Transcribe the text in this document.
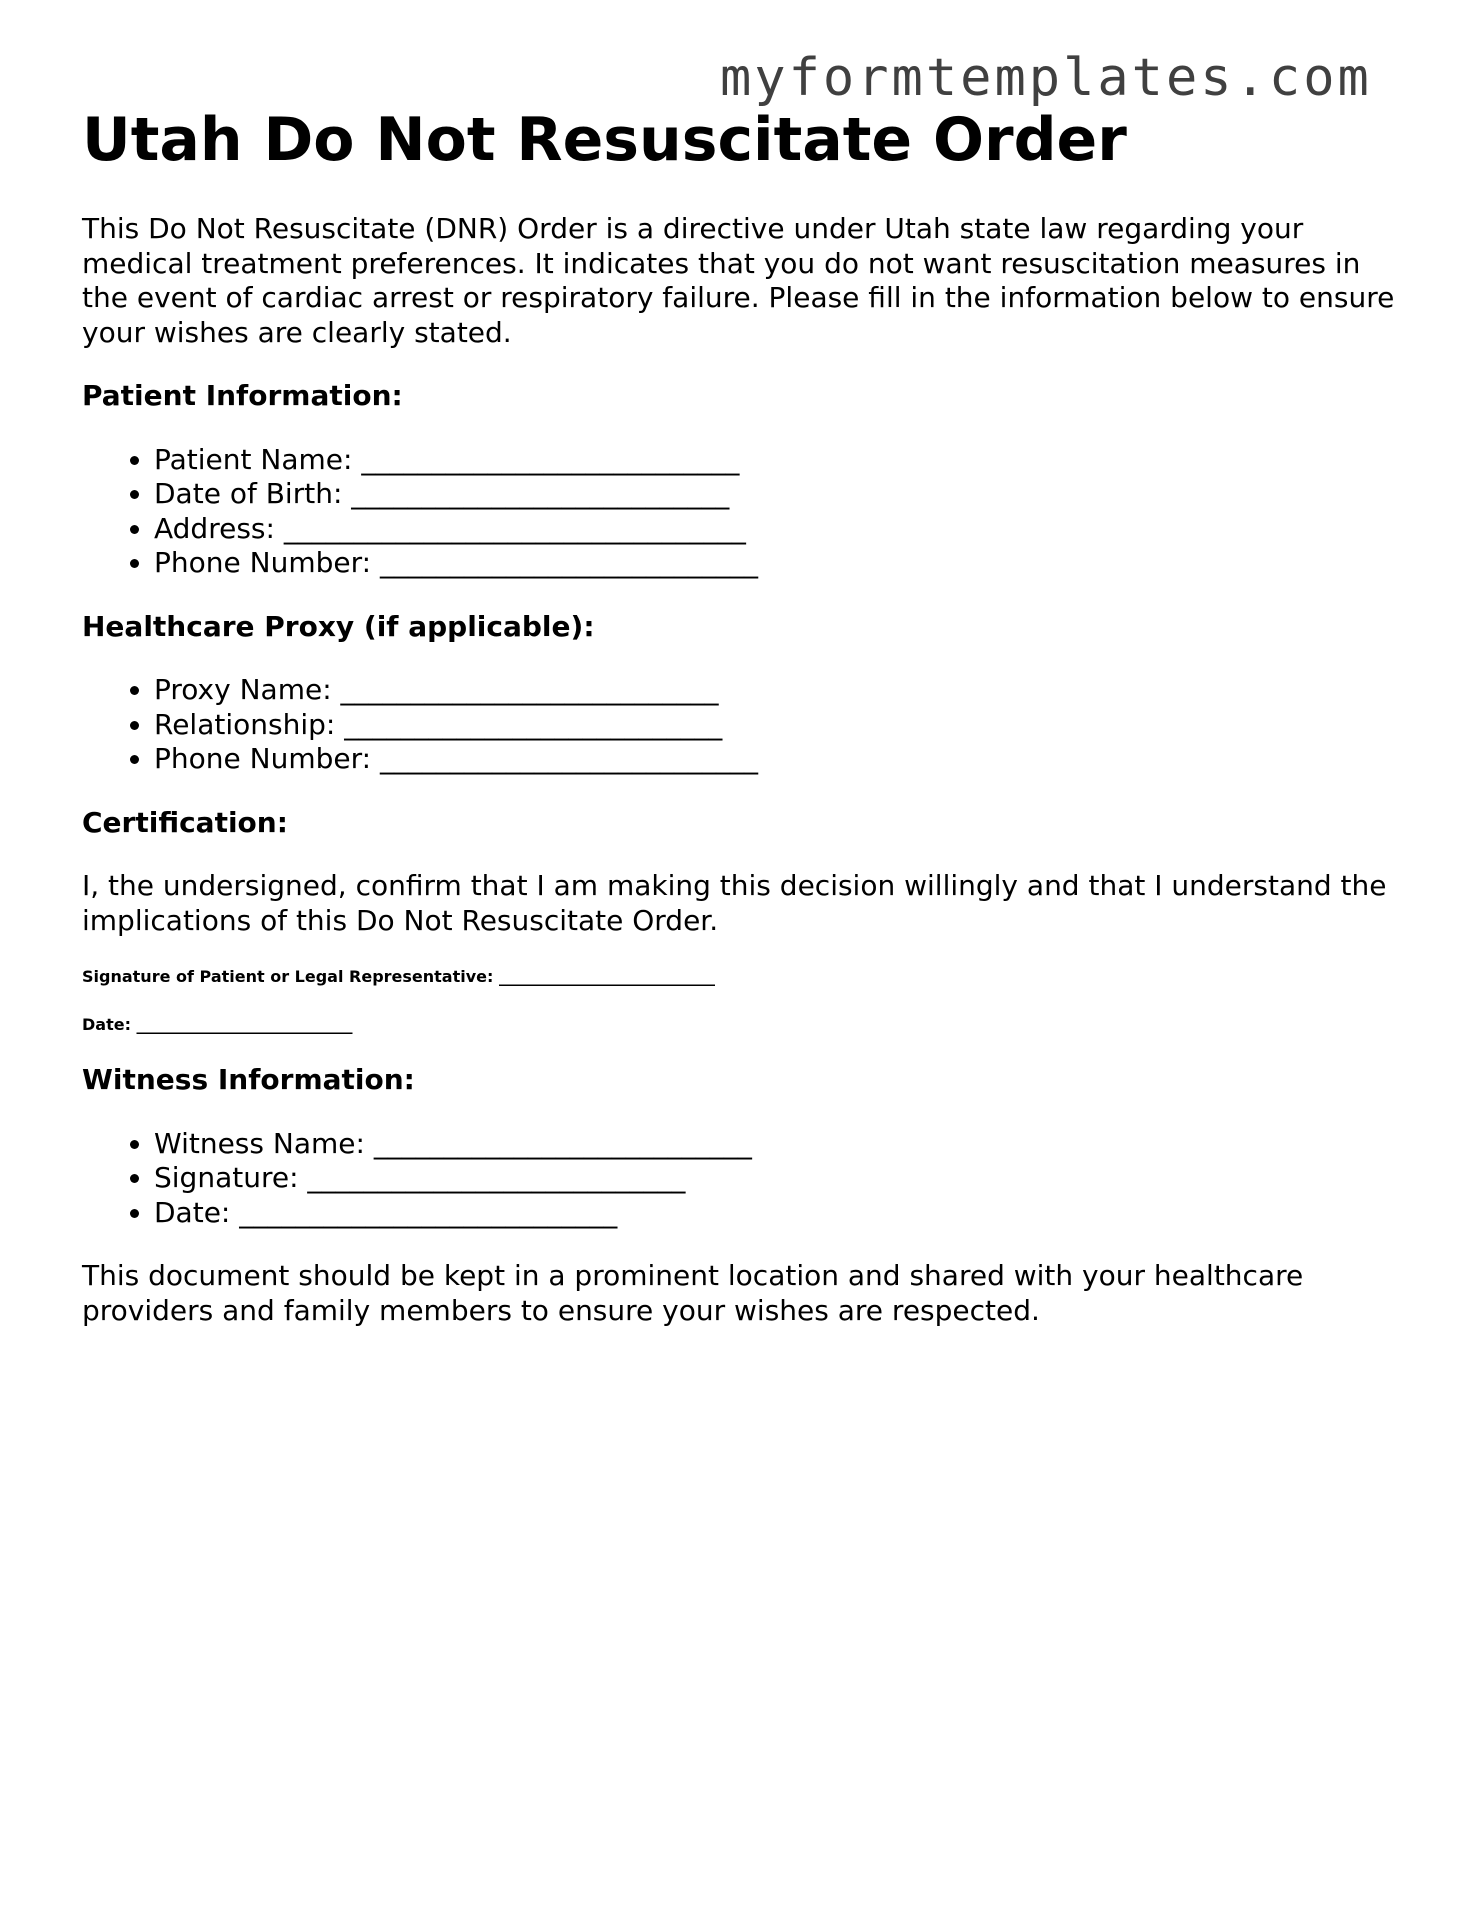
myformtemplates.com
Utah Do Not Resuscitate Order

This Do Not Resuscitate (DNR) Order is a directive under Utah state law regarding your medical treatment preferences. It indicates that you do not want resuscitation measures in the event of cardiac arrest or respiratory failure. Please fill in the information below to ensure your wishes are clearly stated.

Patient Information:
• Patient Name: ___________________________
• Date of Birth: ___________________________
• Address: _________________________________
• Phone Number: ___________________________
Healthcare Proxy (if applicable):
• Proxy Name: ___________________________
• Relationship: ___________________________
• Phone Number: ___________________________
Certification:

I, the undersigned, confirm that I am making this decision willingly and that I understand the implications of this Do Not Resuscitate Order.

Signature of Patient or Legal Representative: ___________________________
Date: ___________________________
Witness Information:
• Witness Name: ___________________________
• Signature: ___________________________
• Date: ___________________________

This document should be kept in a prominent location and shared with your healthcare providers and family members to ensure your wishes are respected.
